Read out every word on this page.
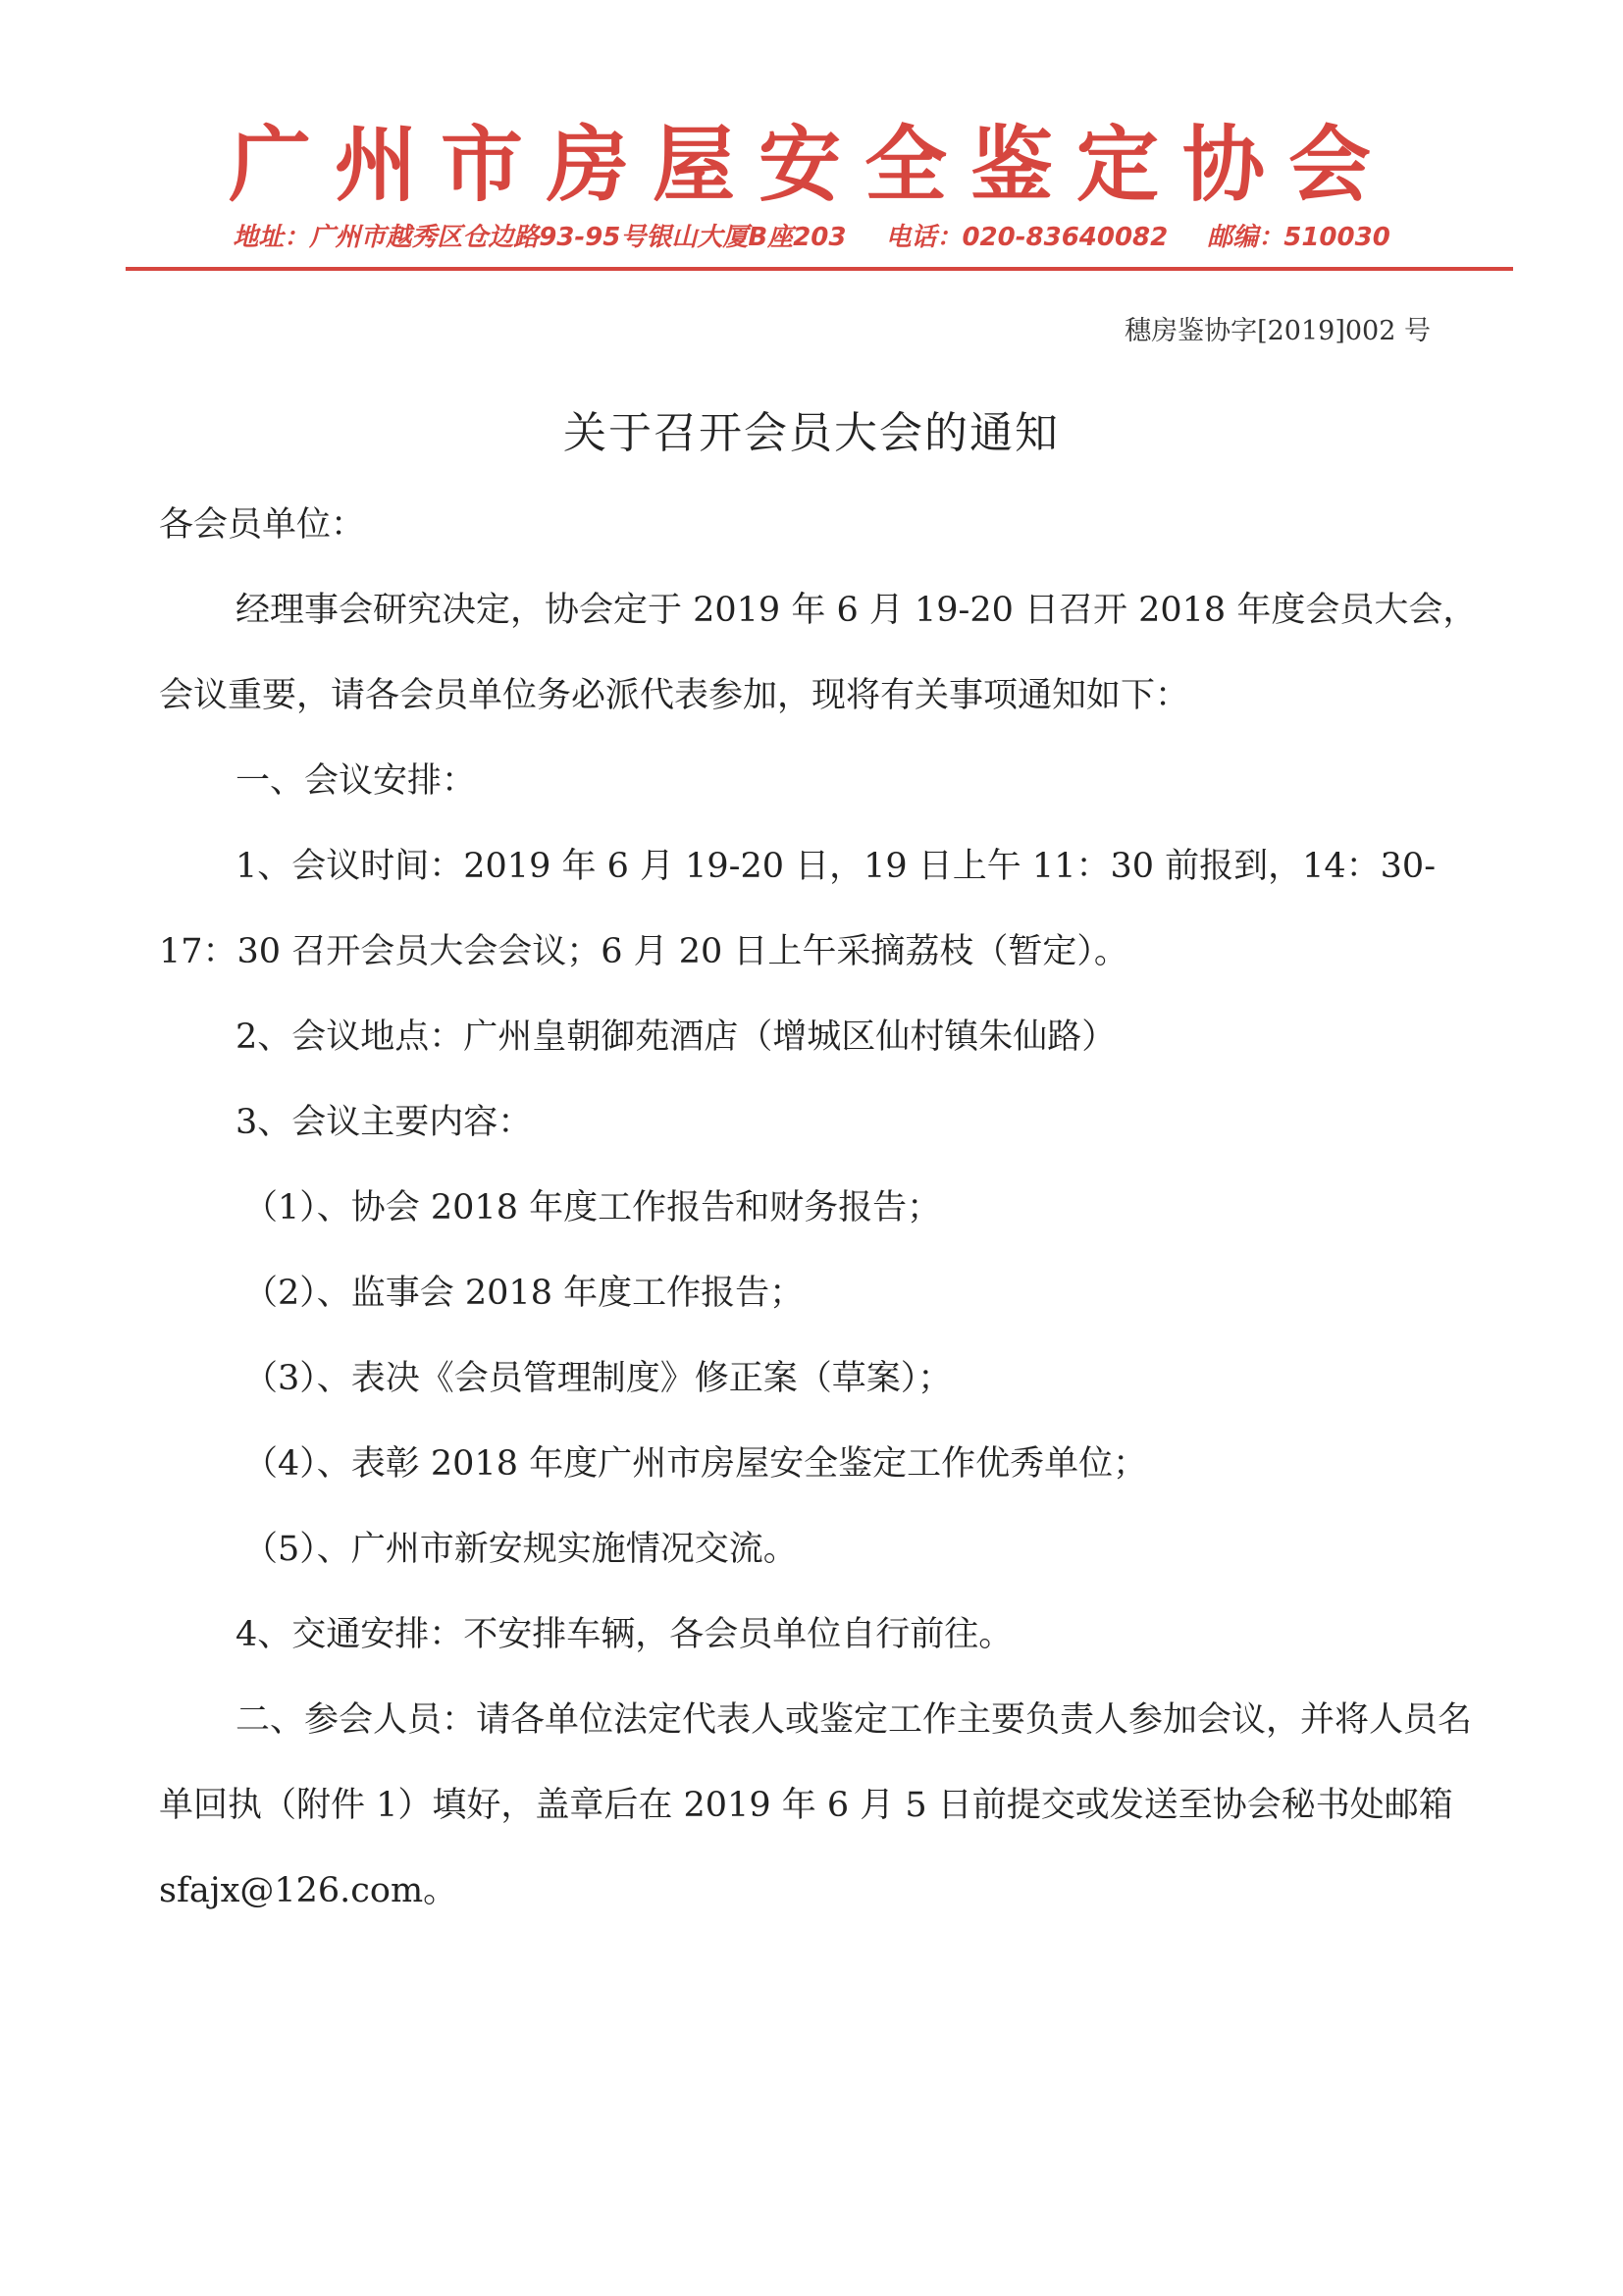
广州市房屋安全鉴定协会
地址：广州市越秀区仓边路93-95号银山大厦B座203 电话：020-83640082 邮编：510030
穗房鉴协字[2019]002 号
关于召开会员大会的通知

各会员单位：

经理事会研究决定，协会定于 2019 年 6 月 19-20 日召开 2018 年度会员大会，会议重要，请各会员单位务必派代表参加，现将有关事项通知如下：

一、会议安排：

1、会议时间：2019 年 6 月 19-20 日，19 日上午 11：30 前报到，14：30-17：30 召开会员大会会议；6 月 20 日上午采摘荔枝（暂定）。

2、会议地点：广州皇朝御苑酒店（增城区仙村镇朱仙路）

3、会议主要内容：

（1）、协会 2018 年度工作报告和财务报告；

（2）、监事会 2018 年度工作报告；

（3）、表决《会员管理制度》修正案（草案）；

（4）、表彰 2018 年度广州市房屋安全鉴定工作优秀单位；

（5）、广州市新安规实施情况交流。

4、交通安排：不安排车辆，各会员单位自行前往。

二、参会人员：请各单位法定代表人或鉴定工作主要负责人参加会议，并将人员名单回执（附件 1）填好，盖章后在 2019 年 6 月 5 日前提交或发送至协会秘书处邮箱 sfajx@126.com。
